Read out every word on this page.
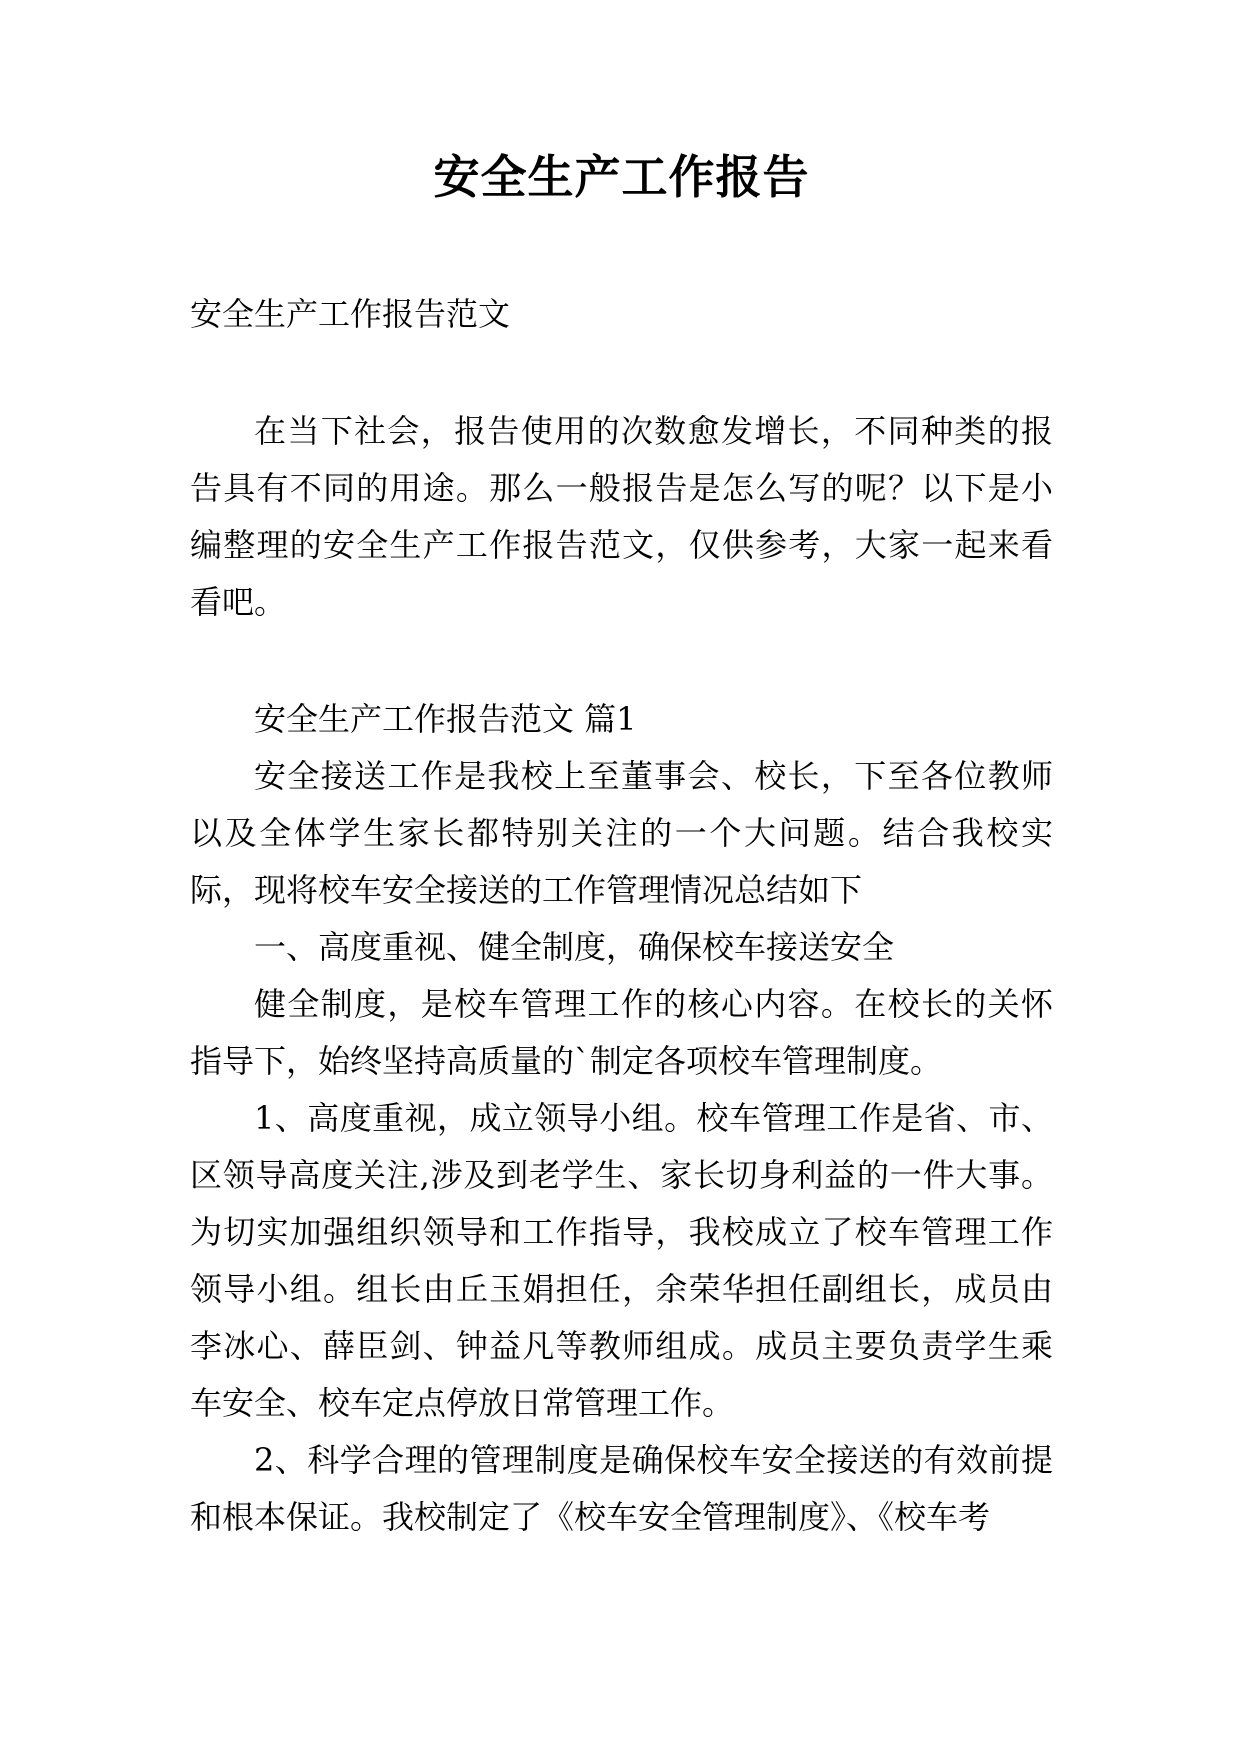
安全生产工作报告

安全生产工作报告范文

在当下社会，报告使用的次数愈发增长，不同种类的报告具有不同的用途。那么一般报告是怎么写的呢？以下是小编整理的安全生产工作报告范文，仅供参考，大家一起来看看吧。

安全生产工作报告范文 篇1

安全接送工作是我校上至董事会、校长，下至各位教师以及全体学生家长都特别关注的一个大问题。结合我校实际，现将校车安全接送的工作管理情况总结如下

一、高度重视、健全制度，确保校车接送安全

健全制度，是校车管理工作的核心内容。在校长的关怀指导下，始终坚持高质量的`制定各项校车管理制度。

1、高度重视，成立领导小组。校车管理工作是省、市、区领导高度关注,涉及到老学生、家长切身利益的一件大事。为切实加强组织领导和工作指导，我校成立了校车管理工作领导小组。组长由丘玉娟担任，余荣华担任副组长，成员由李冰心、薛臣剑、钟益凡等教师组成。成员主要负责学生乘车安全、校车定点停放日常管理工作。

2、科学合理的管理制度是确保校车安全接送的有效前提和根本保证。我校制定了《校车安全管理制度》、《校车考
